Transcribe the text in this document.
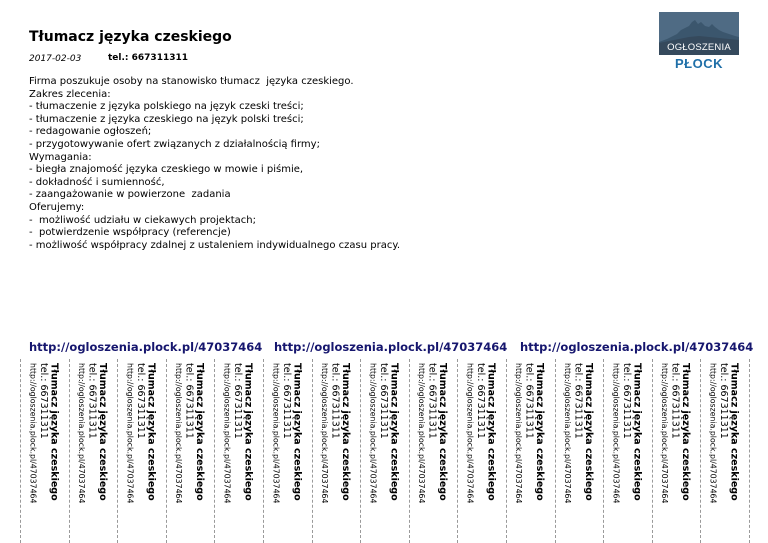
Tłumacz języka czeskiego
2017-02-03	tel.: 667311311
OGŁOSZENIA
PŁOCK
Firma poszukuje osoby na stanowisko tłumacz  języka czeskiego.
Zakres zlecenia:
- tłumaczenie z języka polskiego na język czeski treści;
- tłumaczenie z języka czeskiego na język polski treści;
- redagowanie ogłoszeń;
- przygotowywanie ofert związanych z działalnością firmy;
Wymagania:
- biegła znajomość języka czeskiego w mowie i piśmie,
- dokładność i sumienność,
- zaangażowanie w powierzone  zadania
Oferujemy:
-  możliwość udziału w ciekawych projektach;
-  potwierdzenie współpracy (referencje)
- możliwość współpracy zdalnej z ustaleniem indywidualnego czasu pracy.
http://ogloszenia.plock.pl/47037464 http://ogloszenia.plock.pl/47037464 http://ogloszenia.plock.pl/47037464
Tłumacz języka czeskiego
tel.: 667311311
http://ogloszenia.plock.pl/47037464	Tłumacz języka czeskiego
tel.: 667311311
http://ogloszenia.plock.pl/47037464	Tłumacz języka czeskiego
tel.: 667311311
http://ogloszenia.plock.pl/47037464	Tłumacz języka czeskiego
tel.: 667311311
http://ogloszenia.plock.pl/47037464	Tłumacz języka czeskiego
tel.: 667311311
http://ogloszenia.plock.pl/47037464	Tłumacz języka czeskiego
tel.: 667311311
http://ogloszenia.plock.pl/47037464	Tłumacz języka czeskiego
tel.: 667311311
http://ogloszenia.plock.pl/47037464	Tłumacz języka czeskiego
tel.: 667311311
http://ogloszenia.plock.pl/47037464	Tłumacz języka czeskiego
tel.: 667311311
http://ogloszenia.plock.pl/47037464	Tłumacz języka czeskiego
tel.: 667311311
http://ogloszenia.plock.pl/47037464	Tłumacz języka czeskiego
tel.: 667311311
http://ogloszenia.plock.pl/47037464	Tłumacz języka czeskiego
tel.: 667311311
http://ogloszenia.plock.pl/47037464	Tłumacz języka czeskiego
tel.: 667311311
http://ogloszenia.plock.pl/47037464	Tłumacz języka czeskiego
tel.: 667311311
http://ogloszenia.plock.pl/47037464	Tłumacz języka czeskiego
tel.: 667311311
http://ogloszenia.plock.pl/47037464
